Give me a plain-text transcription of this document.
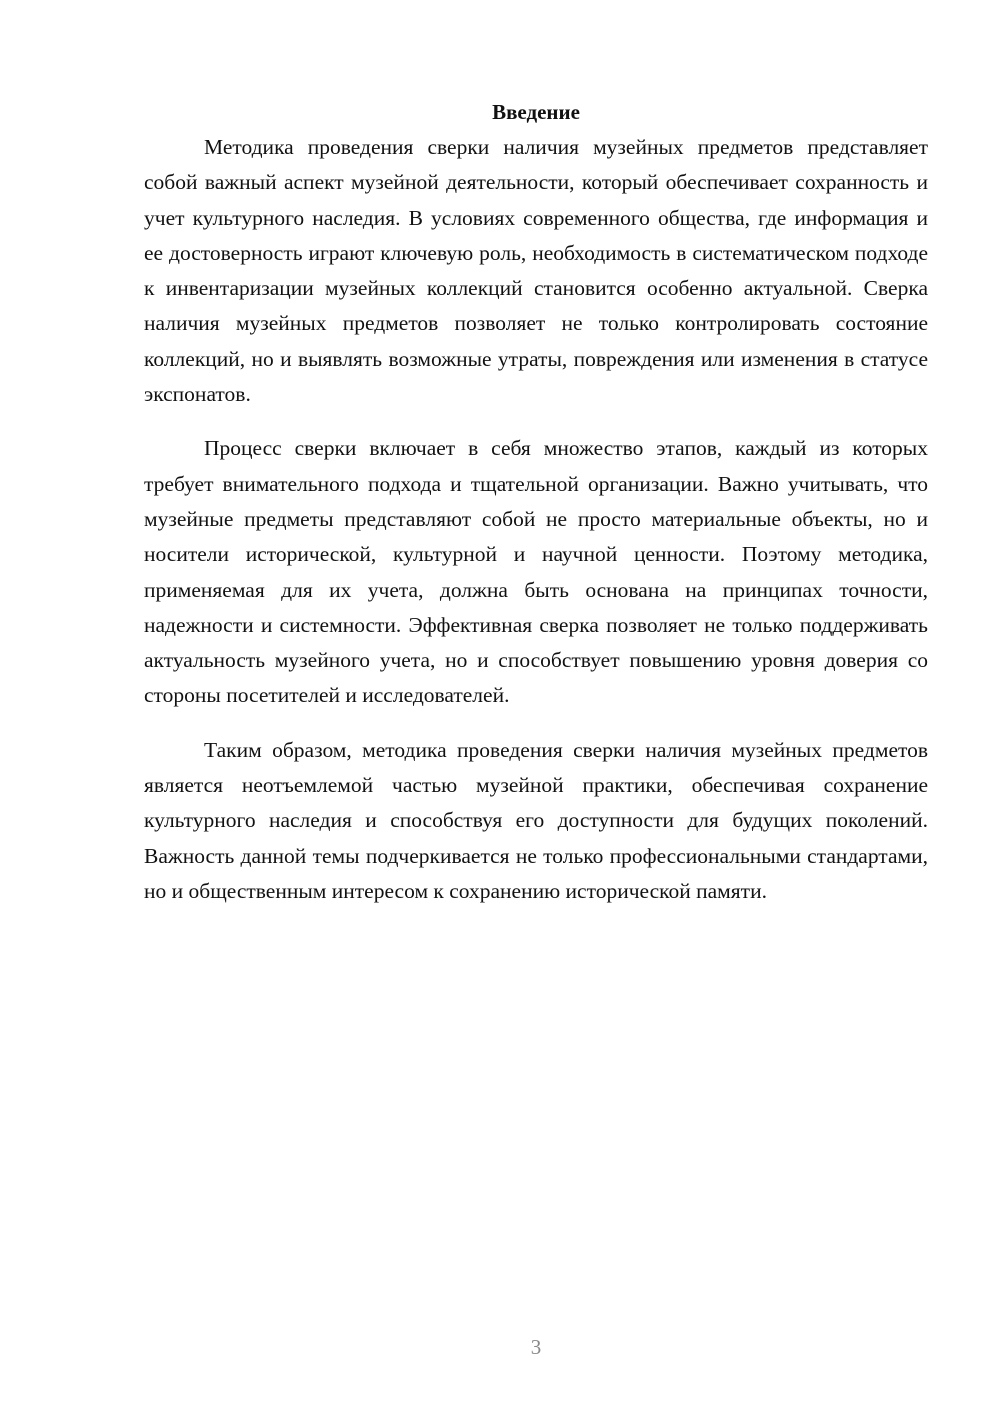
Введение

Методика проведения сверки наличия музейных предметов представляет собой важный аспект музейной деятельности, который обеспечивает сохранность и учет культурного наследия. В условиях современного общества, где информация и ее достоверность играют ключевую роль, необходимость в систематическом подходе к инвентаризации музейных коллекций становится особенно актуальной. Сверка наличия музейных предметов позволяет не только контролировать состояние коллекций, но и выявлять возможные утраты, повреждения или изменения в статусе экспонатов.

Процесс сверки включает в себя множество этапов, каждый из которых требует внимательного подхода и тщательной организации. Важно учитывать, что музейные предметы представляют собой не просто материальные объекты, но и носители исторической, культурной и научной ценности. Поэтому методика, применяемая для их учета, должна быть основана на принципах точности, надежности и системности. Эффективная сверка позволяет не только поддерживать актуальность музейного учета, но и способствует повышению уровня доверия со стороны посетителей и исследователей.

Таким образом, методика проведения сверки наличия музейных предметов является неотъемлемой частью музейной практики, обеспечивая сохранение культурного наследия и способствуя его доступности для будущих поколений. Важность данной темы подчеркивается не только профессиональными стандартами, но и общественным интересом к сохранению исторической памяти.

3
